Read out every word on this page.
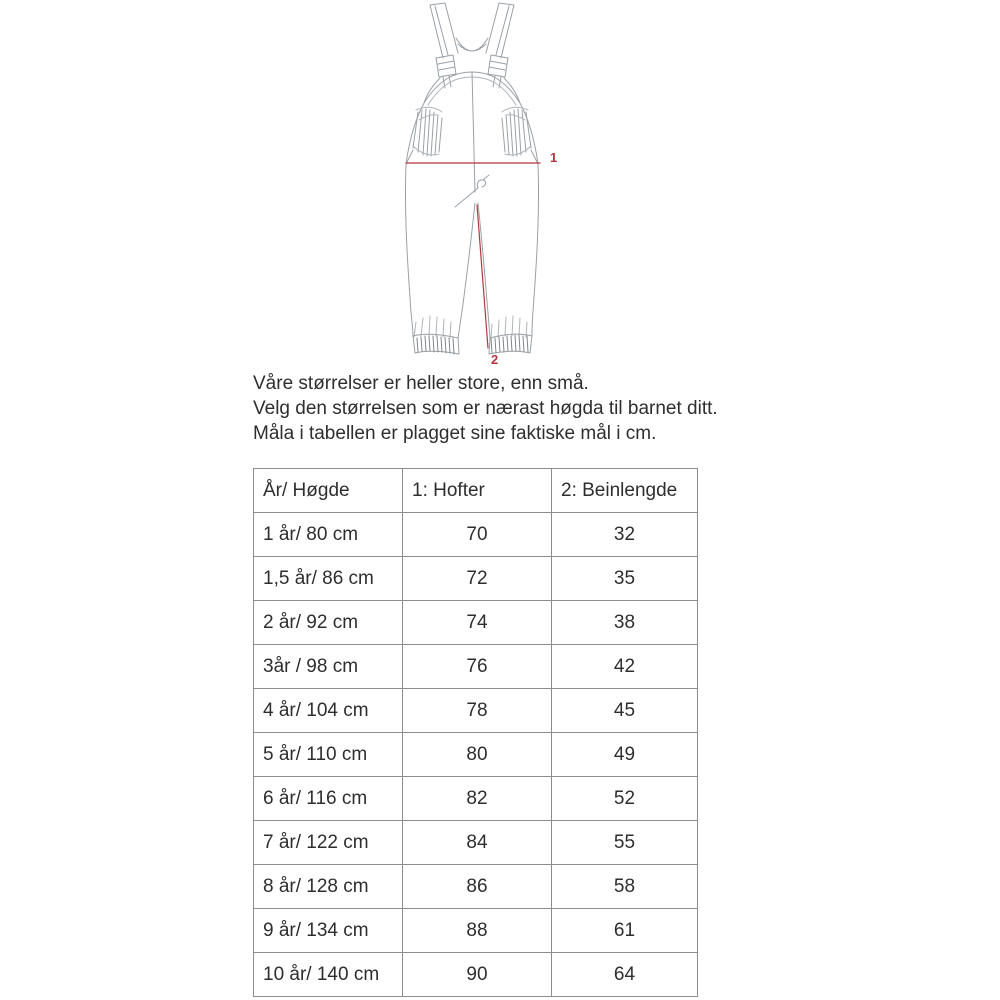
1
2

Våre størrelser er heller store, enn små.

Velg den størrelsen som er nærast høgda til barnet ditt.

Måla i tabellen er plagget sine faktiske mål i cm.

År/ Høgde	1: Hofter	2: Beinlengde
1 år/ 80 cm	70	32
1,5 år/ 86 cm	72	35
2 år/ 92 cm	74	38
3år / 98 cm	76	42
4 år/ 104 cm	78	45
5 år/ 110 cm	80	49
6 år/ 116 cm	82	52
7 år/ 122 cm	84	55
8 år/ 128 cm	86	58
9 år/ 134 cm	88	61
10 år/ 140 cm	90	64
